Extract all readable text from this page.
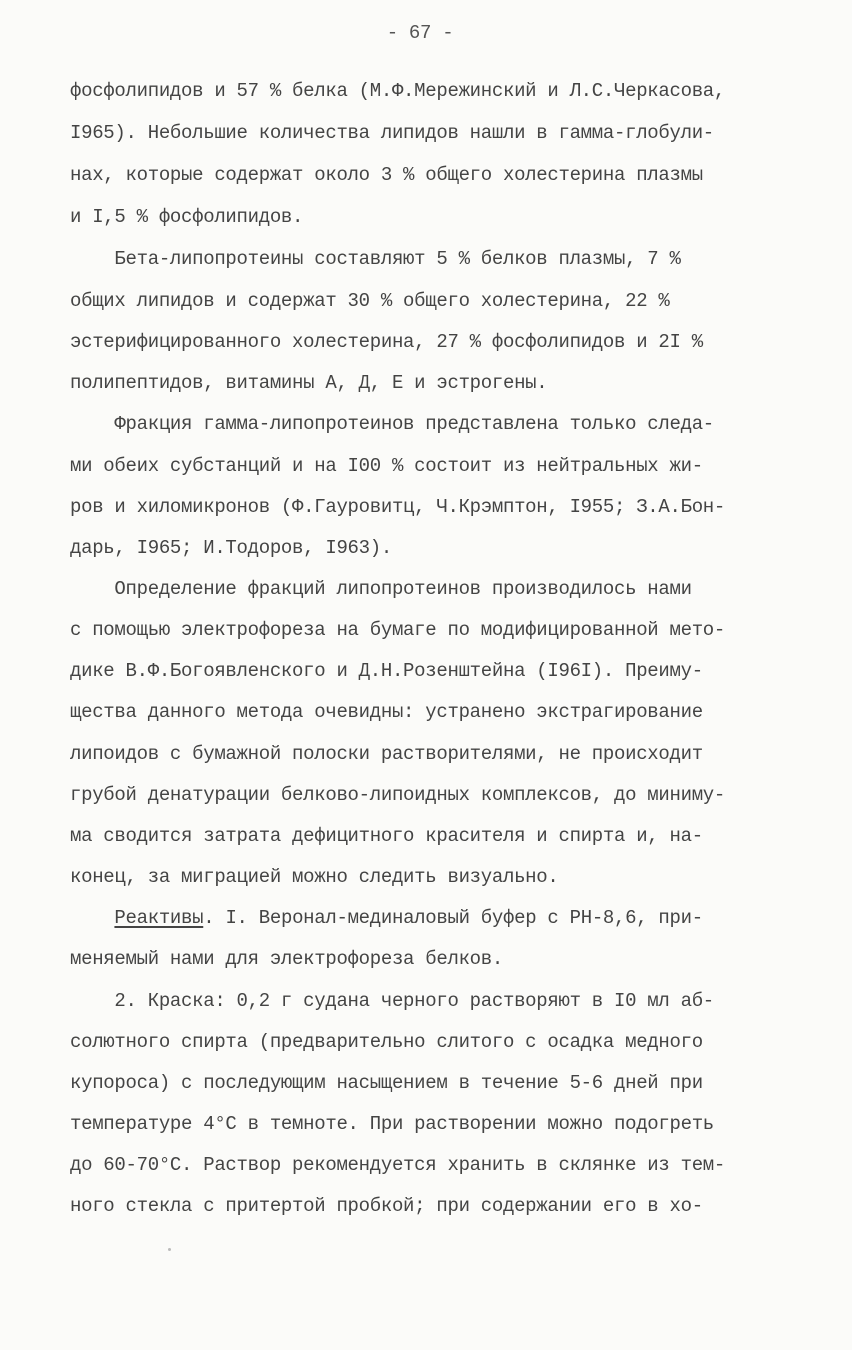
- 67 -
фосфолипидов и 57 % белка (М.Ф.Мережинский и Л.С.Черкасова,
I965). Небольшие количества липидов нашли в гамма-глобули-
нах, которые содержат около 3 % общего холестерина плазмы
и I,5 % фосфолипидов.
Бета-липопротеины составляют 5 % белков плазмы, 7 %
общих липидов и содержат 30 % общего холестерина, 22 %
эстерифицированного холестерина, 27 % фосфолипидов и 2I %
полипептидов, витамины А, Д, Е и эстрогены.
Фракция гамма-липопротеинов представлена только следа-
ми обеих субстанций и на I00 % состоит из нейтральных жи-
ров и хиломикронов (Ф.Гауровитц, Ч.Крэмптон, I955; З.А.Бон-
дарь, I965; И.Тодоров, I963).
Определение фракций липопротеинов производилось нами
с помощью электрофореза на бумаге по модифицированной мето-
дике В.Ф.Богоявленского и Д.Н.Розенштейна (I96I). Преиму-
щества данного метода очевидны: устранено экстрагирование
липоидов с бумажной полоски растворителями, не происходит
грубой денатурации белково-липоидных комплексов, до миниму-
ма сводится затрата дефицитного красителя и спирта и, на-
конец, за миграцией можно следить визуально.
Реактивы. I. Веронал-мединаловый буфер с РН-8,6, при-
меняемый нами для электрофореза белков.
2. Краска: 0,2 г судана черного растворяют в I0 мл аб-
солютного спирта (предварительно слитого с осадка медного
купороса) с последующим насыщением в течение 5-6 дней при
температуре 4°С в темноте. При растворении можно подогреть
до 60-70°С. Раствор рекомендуется хранить в склянке из тем-
ного стекла с притертой пробкой; при содержании его в хо-
